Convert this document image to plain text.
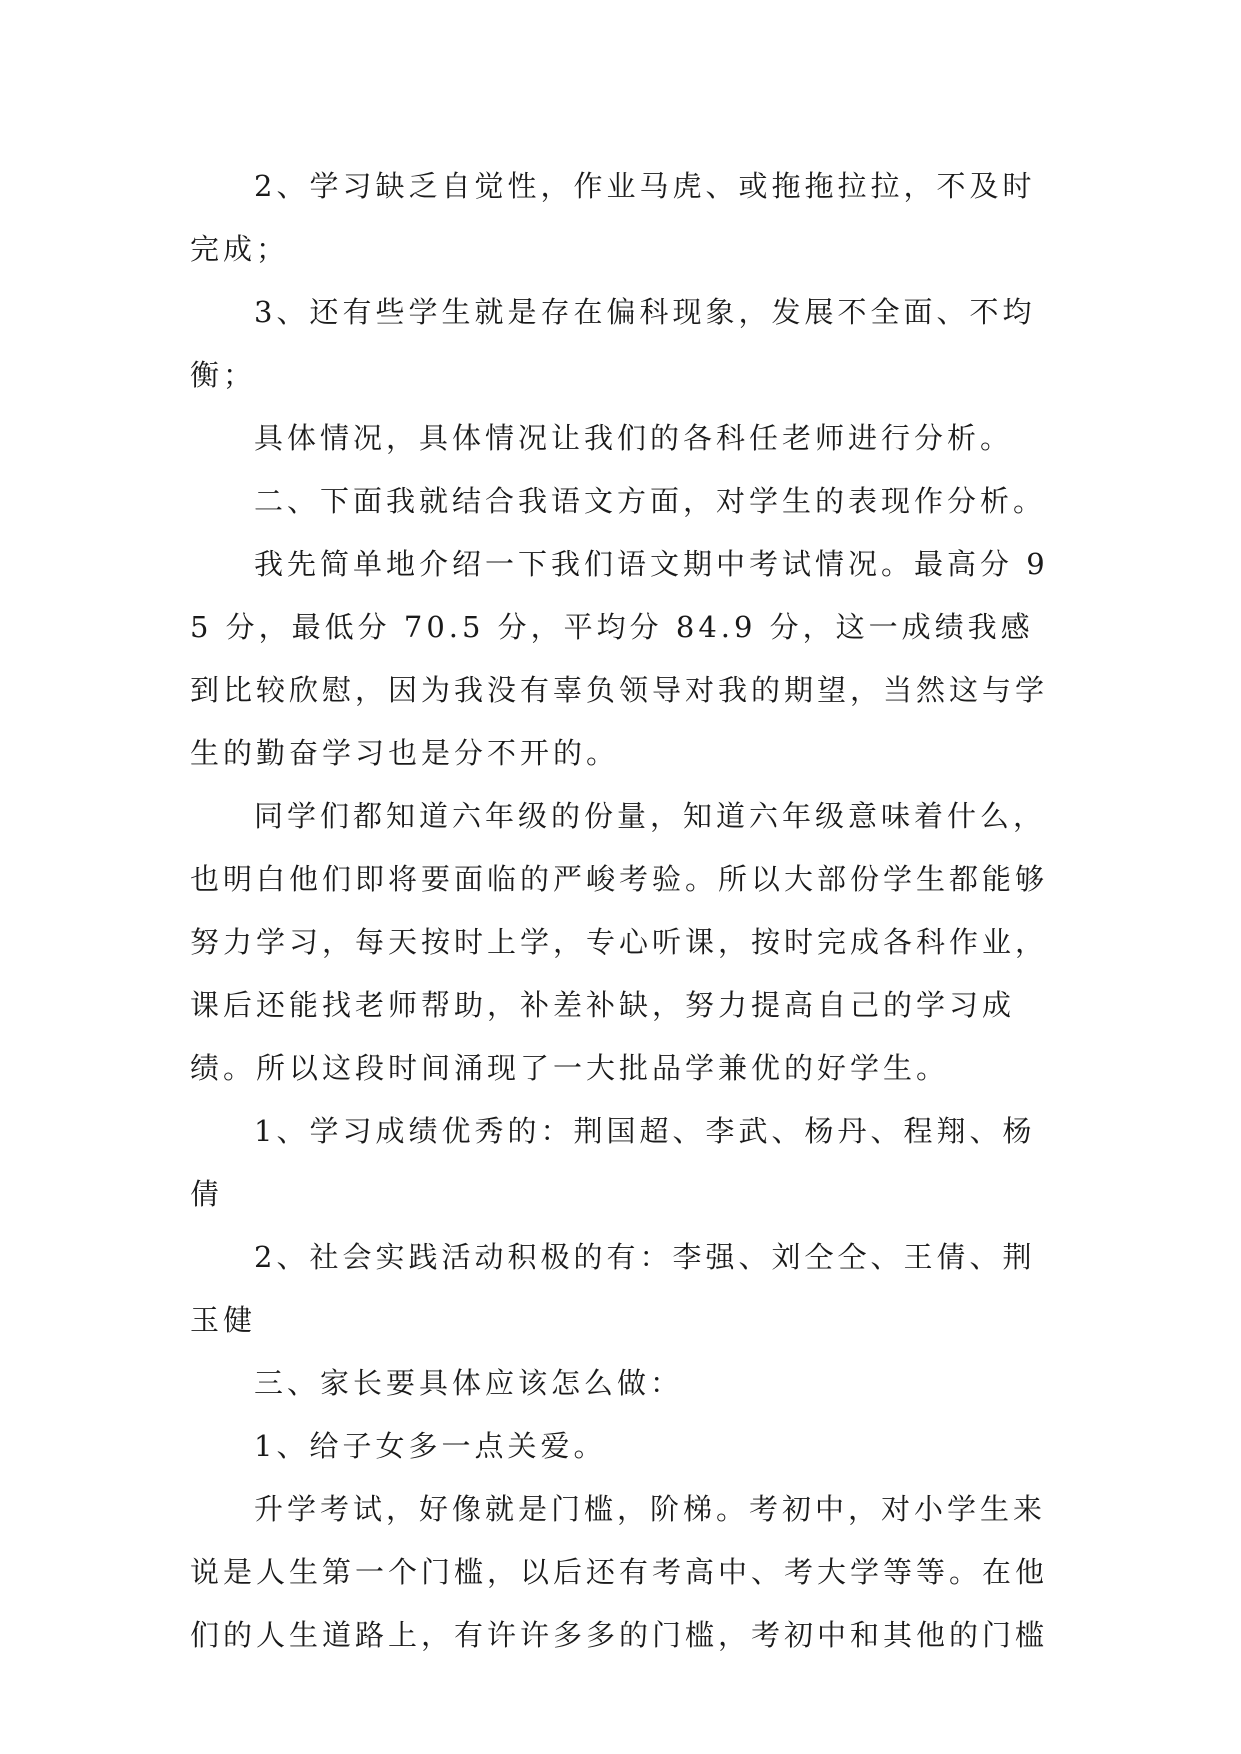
2、学习缺乏自觉性，作业马虎、或拖拖拉拉，不及时完成；

3、还有些学生就是存在偏科现象，发展不全面、不均衡；

具体情况，具体情况让我们的各科任老师进行分析。

二、下面我就结合我语文方面，对学生的表现作分析。

我先简单地介绍一下我们语文期中考试情况。最高分 95 分，最低分 70.5 分，平均分 84.9 分，这一成绩我感到比较欣慰，因为我没有辜负领导对我的期望，当然这与学生的勤奋学习也是分不开的。

同学们都知道六年级的份量，知道六年级意味着什么，也明白他们即将要面临的严峻考验。所以大部份学生都能够努力学习，每天按时上学，专心听课，按时完成各科作业，课后还能找老师帮助，补差补缺，努力提高自己的学习成绩。所以这段时间涌现了一大批品学兼优的好学生。

1、学习成绩优秀的：荆国超、李武、杨丹、程翔、杨倩

2、社会实践活动积极的有：李强、刘仝仝、王倩、荆玉健

三、家长要具体应该怎么做：

1、给子女多一点关爱。

升学考试，好像就是门槛，阶梯。考初中，对小学生来说是人生第一个门槛，以后还有考高中、考大学等等。在他们的人生道路上，有许许多多的门槛，考初中和其他的门槛
